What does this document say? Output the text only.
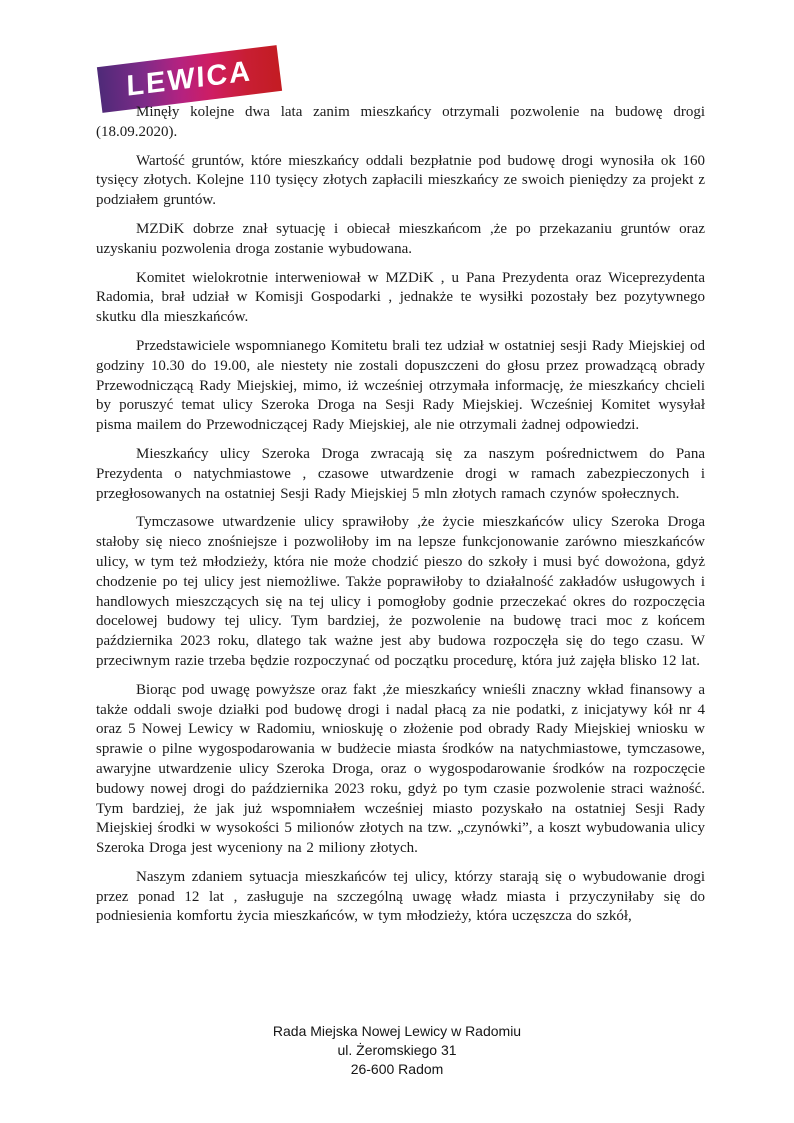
LEWICA

Minęły kolejne dwa lata zanim mieszkańcy otrzymali pozwolenie na budowę drogi (18.09.2020).

Wartość gruntów, które mieszkańcy oddali bezpłatnie pod budowę drogi wynosiła ok 160 tysięcy złotych. Kolejne 110 tysięcy złotych zapłacili mieszkańcy ze swoich pieniędzy za projekt z podziałem gruntów.

MZDiK dobrze znał sytuację i obiecał mieszkańcom ,że po przekazaniu gruntów oraz uzyskaniu pozwolenia droga zostanie wybudowana.

Komitet wielokrotnie interweniował w MZDiK , u Pana Prezydenta oraz Wiceprezydenta Radomia, brał udział w Komisji Gospodarki , jednakże te wysiłki pozostały bez pozytywnego skutku dla mieszkańców.

Przedstawiciele wspomnianego Komitetu brali tez udział w ostatniej sesji Rady Miejskiej od godziny 10.30 do 19.00, ale niestety nie zostali dopuszczeni do głosu przez prowadzącą obrady Przewodniczącą Rady Miejskiej, mimo, iż wcześniej otrzymała informację, że mieszkańcy chcieli by poruszyć temat ulicy Szeroka Droga na Sesji Rady Miejskiej. Wcześniej Komitet wysyłał pisma mailem do Przewodniczącej Rady Miejskiej, ale nie otrzymali żadnej odpowiedzi.

Mieszkańcy ulicy Szeroka Droga zwracają się za naszym pośrednictwem do Pana Prezydenta o natychmiastowe , czasowe utwardzenie drogi w ramach zabezpieczonych i przegłosowanych na ostatniej Sesji Rady Miejskiej 5 mln złotych ramach czynów społecznych.

Tymczasowe utwardzenie ulicy sprawiłoby ,że życie mieszkańców ulicy Szeroka Droga stałoby się nieco znośniejsze i pozwoliłoby im na lepsze funkcjonowanie zarówno mieszkańców ulicy, w tym też młodzieży, która nie może chodzić pieszo do szkoły i musi być dowożona, gdyż chodzenie po tej ulicy jest niemożliwe. Także poprawiłoby to działalność zakładów usługowych i handlowych mieszczących się na tej ulicy i pomogłoby godnie przeczekać okres do rozpoczęcia docelowej budowy tej ulicy. Tym bardziej, że pozwolenie na budowę traci moc z końcem października 2023 roku, dlatego tak ważne jest aby budowa rozpoczęła się do tego czasu. W przeciwnym razie trzeba będzie rozpoczynać od początku procedurę, która już zajęła blisko 12 lat.

Biorąc pod uwagę powyższe oraz fakt ,że mieszkańcy wnieśli znaczny wkład finansowy a także oddali swoje działki pod budowę drogi i nadal płacą za nie podatki, z inicjatywy kół nr 4 oraz 5 Nowej Lewicy w Radomiu, wnioskuję o złożenie pod obrady Rady Miejskiej wniosku w sprawie o pilne wygospodarowania w budżecie miasta środków na natychmiastowe, tymczasowe, awaryjne utwardzenie ulicy Szeroka Droga, oraz o wygospodarowanie środków na rozpoczęcie budowy nowej drogi do października 2023 roku, gdyż po tym czasie pozwolenie straci ważność. Tym bardziej, że jak już wspomniałem wcześniej miasto pozyskało na ostatniej Sesji Rady Miejskiej środki w wysokości 5 milionów złotych na tzw. „czynówki”, a koszt wybudowania ulicy Szeroka Droga jest wyceniony na 2 miliony złotych.

Naszym zdaniem sytuacja mieszkańców tej ulicy, którzy starają się o wybudowanie drogi przez ponad 12 lat , zasługuje na szczególną uwagę władz miasta i przyczyniłaby się do podniesienia komfortu życia mieszkańców, w tym młodzieży, która uczęszcza do szkół,

Rada Miejska Nowej Lewicy w Radomiu
ul. Żeromskiego 31
26-600 Radom
